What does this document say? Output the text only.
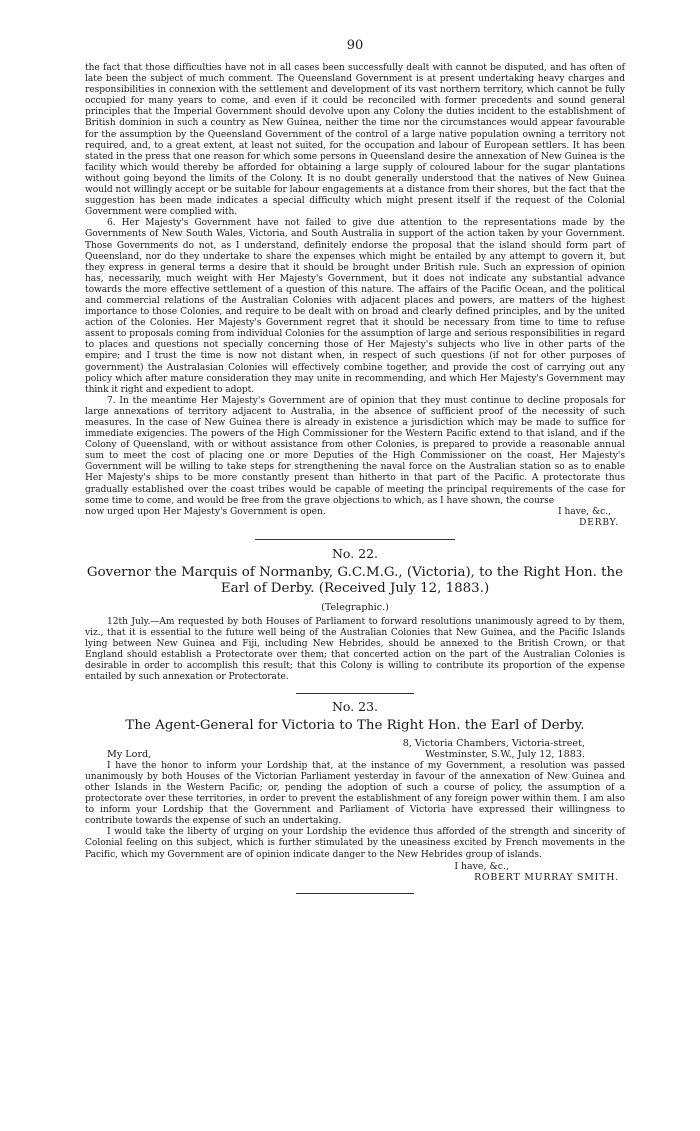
90

the fact that those difficulties have not in all cases been successfully dealt with cannot be disputed, and has often of late been the subject of much comment. The Queensland Government is at present undertaking heavy charges and responsibilities in connexion with the settlement and development of its vast northern territory, which cannot be fully occupied for many years to come, and even if it could be reconciled with former precedents and sound general principles that the Imperial Government should devolve upon any Colony the duties incident to the establishment of British dominion in such a country as New Guinea, neither the time nor the circumstances would appear favourable for the assumption by the Queensland Government of the control of a large native population owning a territory not required, and, to a great extent, at least not suited, for the occupation and labour of European settlers. It has been stated in the press that one reason for which some persons in Queensland desire the annexation of New Guinea is the facility which would thereby be afforded for obtaining a large supply of coloured labour for the sugar plantations without going beyond the limits of the Colony. It is no doubt generally understood that the natives of New Guinea would not willingly accept or be suitable for labour engagements at a distance from their shores, but the fact that the suggestion has been made indicates a special difficulty which might present itself if the request of the Colonial Government were complied with.

6. Her Majesty's Government have not failed to give due attention to the representations made by the Governments of New South Wales, Victoria, and South Australia in support of the action taken by your Government. Those Governments do not, as I understand, definitely endorse the proposal that the island should form part of Queensland, nor do they undertake to share the expenses which might be entailed by any attempt to govern it, but they express in general terms a desire that it should be brought under British rule. Such an expression of opinion has, necessarily, much weight with Her Majesty's Government, but it does not indicate any substantial advance towards the more effective settlement of a question of this nature. The affairs of the Pacific Ocean, and the political and commercial relations of the Australian Colonies with adjacent places and powers, are matters of the highest importance to those Colonies, and require to be dealt with on broad and clearly defined principles, and by the united action of the Colonies. Her Majesty's Government regret that it should be necessary from time to time to refuse assent to proposals coming from individual Colonies for the assumption of large and serious responsibilities in regard to places and questions not specially concerning those of Her Majesty's subjects who live in other parts of the empire; and I trust the time is now not distant when, in respect of such questions (if not for other purposes of government) the Australasian Colonies will effectively combine together, and provide the cost of carrying out any policy which after mature consideration they may unite in recommending, and which Her Majesty's Government may think it right and expedient to adopt.

7. In the meantime Her Majesty's Government are of opinion that they must continue to decline proposals for large annexations of territory adjacent to Australia, in the absence of sufficient proof of the necessity of such measures. In the case of New Guinea there is already in existence a jurisdiction which may be made to suffice for immediate exigencies. The powers of the High Commissioner for the Western Pacific extend to that island, and if the Colony of Queensland, with or without assistance from other Colonies, is prepared to provide a reasonable annual sum to meet the cost of placing one or more Deputies of the High Commissioner on the coast, Her Majesty's Government will be willing to take steps for strengthening the naval force on the Australian station so as to enable Her Majesty's ships to be more constantly present than hitherto in that part of the Pacific. A protectorate thus gradually established over the coast tribes would be capable of meeting the principal requirements of the case for some time to come, and would be free from the grave objections to which, as I have shown, the course

now urged upon Her Majesty's Government is open.	I have, &c.,

DERBY.

No. 22.
Governor the Marquis of Normanby, G.C.M.G., (Victoria), to the Right Hon. the Earl of Derby. (Received July 12, 1883.)
(Telegraphic.)

12th July.—Am requested by both Houses of Parliament to forward resolutions unanimously agreed to by them, viz., that it is essential to the future well being of the Australian Colonies that New Guinea, and the Pacific Islands lying between New Guinea and Fiji, including New Hebrides, should be annexed to the British Crown, or that England should establish a Protectorate over them; that concerted action on the part of the Australian Colonies is desirable in order to accomplish this result; that this Colony is willing to contribute its proportion of the expense entailed by such annexation or Protectorate.

No. 23.
The Agent-General for Victoria to The Right Hon. the Earl of Derby.
8, Victoria Chambers, Victoria-street,
My Lord,	Westminster, S.W., July 12, 1883.

I have the honor to inform your Lordship that, at the instance of my Government, a resolution was passed unanimously by both Houses of the Victorian Parliament yesterday in favour of the annexation of New Guinea and other Islands in the Western Pacific; or, pending the adoption of such a course of policy, the assumption of a protectorate over these territories, in order to prevent the establishment of any foreign power within them. I am also to inform your Lordship that the Government and Parliament of Victoria have expressed their willingness to contribute towards the expense of such an undertaking.

I would take the liberty of urging on your Lordship the evidence thus afforded of the strength and sincerity of Colonial feeling on this subject, which is further stimulated by the uneasiness excited by French movements in the Pacific, which my Government are of opinion indicate danger to the New Hebrides group of islands.

I have, &c.,
ROBERT MURRAY SMITH.
